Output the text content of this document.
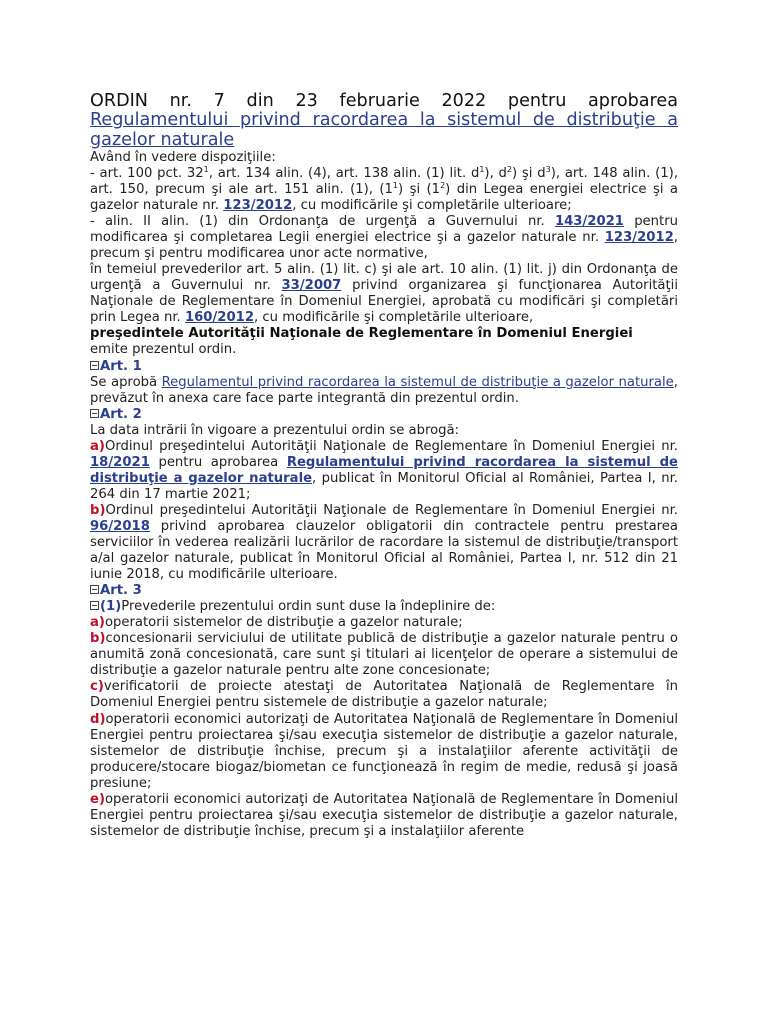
ORDIN nr. 7 din 23 februarie 2022 pentru aprobarea Regulamentului privind racordarea la sistemul de distribuţie a gazelor naturale
Având în vedere dispoziţiile:
- art. 100 pct. $32^1$, art. 134 alin. (4), art. 138 alin. (1) lit. $d^1$), $d^2$) şi $d^3$), art. 148 alin. (1), art. 150, precum şi ale art. 151 alin. (1), $(1^1)$ şi $(1^2)$ din Legea energiei electrice şi a gazelor naturale nr. 123/2012, cu modificările şi completările ulterioare;
- alin. II alin. (1) din Ordonanţa de urgenţă a Guvernului nr. 143/2021 pentru modificarea şi completarea Legii energiei electrice şi a gazelor naturale nr. 123/2012, precum şi pentru modificarea unor acte normative,
în temeiul prevederilor art. 5 alin. (1) lit. c) şi ale art. 10 alin. (1) lit. j) din Ordonanţa de urgenţă a Guvernului nr. 33/2007 privind organizarea şi funcţionarea Autorităţii Naţionale de Reglementare în Domeniul Energiei, aprobată cu modificări şi completări prin Legea nr. 160/2012, cu modificările şi completările ulterioare,
preşedintele Autorităţii Naţionale de Reglementare în Domeniul Energiei
emite prezentul ordin.
Art. 1
Se aprobă Regulamentul privind racordarea la sistemul de distribuţie a gazelor naturale, prevăzut în anexa care face parte integrantă din prezentul ordin.
Art. 2
La data intrării în vigoare a prezentului ordin se abrogă:
a)Ordinul preşedintelui Autorităţii Naţionale de Reglementare în Domeniul Energiei nr. 18/2021 pentru aprobarea Regulamentului privind racordarea la sistemul de distribuţie a gazelor naturale, publicat în Monitorul Oficial al României, Partea I, nr. 264 din 17 martie 2021;
b)Ordinul preşedintelui Autorităţii Naţionale de Reglementare în Domeniul Energiei nr. 96/2018 privind aprobarea clauzelor obligatorii din contractele pentru prestarea serviciilor în vederea realizării lucrărilor de racordare la sistemul de distribuţie/transport a/al gazelor naturale, publicat în Monitorul Oficial al României, Partea I, nr. 512 din 21 iunie 2018, cu modificările ulterioare.
Art. 3
(1)Prevederile prezentului ordin sunt duse la îndeplinire de:
a)operatorii sistemelor de distribuţie a gazelor naturale;
b)concesionarii serviciului de utilitate publică de distribuţie a gazelor naturale pentru o anumită zonă concesionată, care sunt şi titulari ai licenţelor de operare a sistemului de distribuţie a gazelor naturale pentru alte zone concesionate;
c)verificatorii de proiecte atestaţi de Autoritatea Naţională de Reglementare în Domeniul Energiei pentru sistemele de distribuţie a gazelor naturale;
d)operatorii economici autorizaţi de Autoritatea Naţională de Reglementare în Domeniul Energiei pentru proiectarea şi/sau execuţia sistemelor de distribuţie a gazelor naturale, sistemelor de distribuţie închise, precum şi a instalaţiilor aferente activităţii de producere/stocare biogaz/biometan ce funcţionează în regim de medie, redusă şi joasă presiune;
e)operatorii economici autorizaţi de Autoritatea Naţională de Reglementare în Domeniul Energiei pentru proiectarea şi/sau execuţia sistemelor de distribuţie a gazelor naturale, sistemelor de distribuţie închise, precum şi a instalaţiilor aferente
